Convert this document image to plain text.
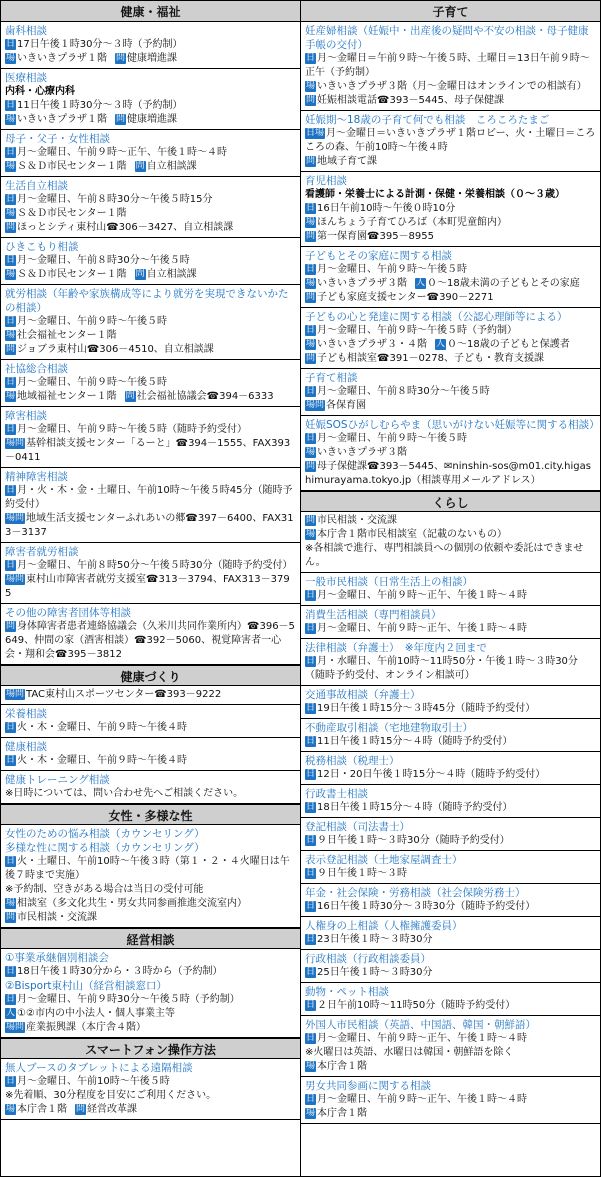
健康・福祉
歯科相談
日 17日午後１時30分～３時（予約制）
場 いきいきプラザ１階 問 健康増進課
医療相談
内科・心療内科
日 11日午後１時30分～３時（予約制）
場 いきいきプラザ１階 問 健康増進課
母子・父子・女性相談
日 月～金曜日、午前９時～正午、午後１時～４時
場 Ｓ＆Ｄ市民センター１階 問 自立相談課
生活自立相談
日 月～金曜日、午前８時30分～午後５時15分
場 Ｓ＆Ｄ市民センター１階
問 ほっとシティ東村山☎306－3427、自立相談課
ひきこもり相談
日 月～金曜日、午前８時30分～午後５時
場 Ｓ＆Ｄ市民センター１階 問 自立相談課
就労相談（年齢や家族構成等により就労を実現できないかたの相談）
日 月～金曜日、午前９時～午後５時
場 社会福祉センター１階
問 ジョブラ東村山☎306－4510、自立相談課
社協総合相談
日 月～金曜日、午前９時～午後５時
場 地域福祉センター１階 問 社会福祉協議会☎394－6333
障害相談
日 月～金曜日、午前９時～午後５時（随時予約受付）
場問 基幹相談支援センター「るーと」☎394－1555、FAX393－0411
精神障害相談
日 月・火・木・金・土曜日、午前10時～午後５時45分（随時予約受付）
場問 地域生活支援センターふれあいの郷☎397－6400、FAX313－3137
障害者就労相談
日 月～金曜日、午前８時50分～午後５時30分（随時予約受付）
場問 東村山市障害者就労支援室☎313－3794、FAX313－3795
その他の障害者団体等相談
問 身体障害者患者連絡協議会（久米川共同作業所内）☎396－5649、仲間の家（酒害相談）☎392－5060、視覚障害者一心会・翔和会☎395－3812
健康づくり
場問 TAC東村山スポーツセンター☎393－9222
栄養相談
日 火・木・金曜日、午前９時～午後４時
健康相談
日 火・木・金曜日、午前９時～午後４時
健康トレーニング相談
※日時については、問い合わせ先へご相談ください。
女性・多様な性
女性のための悩み相談（カウンセリング）
多様な性に関する相談（カウンセリング）
日 火・土曜日、午前10時～午後３時（第１・２・４火曜日は午後７時まで実施）
※予約制、空きがある場合は当日の受付可能
場 相談室（多文化共生・男女共同参画推進交流室内）
問 市民相談・交流課
経営相談
①事業承継個別相談会
日 18日午後１時30分から・３時から（予約制）
②Bisport東村山（経営相談窓口）
日 月～金曜日、午前９時30分～午後５時（予約制）
人 ①②市内の中小法人・個人事業主等
場問 産業振興課（本庁舎４階）
スマートフォン操作方法
無人ブースのタブレットによる遠隔相談
日 月～金曜日、午前10時～午後５時
※先着順、30分程度を目安にご利用ください。
場 本庁舎１階 問 経営改革課
子育て
妊産婦相談（妊娠中・出産後の疑問や不安の相談・母子健康手帳の交付）
日 月～金曜日＝午前９時～午後５時、土曜日＝13日午前９時～正午（予約制）
場 いきいきプラザ３階（月～金曜日はオンラインでの相談有）
問 妊娠相談電話☎393－5445、母子保健課
妊娠期～18歳の子育て何でも相談　ころころたまご
日場 月～金曜日＝いきいきプラザ１階ロビー、火・土曜日＝ころころの森、午前10時～午後４時
問 地域子育て課
育児相談
看護師・栄養士による計測・保健・栄養相談（０～３歳）
日 16日午前10時～午後０時10分
場 ほんちょう子育てひろば（本町児童館内）
問 第一保育園☎395－8955
子どもとその家庭に関する相談
日 月～金曜日、午前９時～午後５時
場 いきいきプラザ３階 人 ０～18歳未満の子どもとその家庭
問 子ども家庭支援センター☎390－2271
子どもの心と発達に関する相談（公認心理師等による）
日 月～金曜日、午前９時～午後５時（予約制）
場 いきいきプラザ３・４階 人 ０～18歳の子どもと保護者
問 子ども相談室☎391－0278、子ども・教育支援課
子育て相談
日 月～金曜日、午前８時30分～午後５時
場問 各保育園
妊娠SOSひがしむらやま（思いがけない妊娠等に関する相談）
日 月～金曜日、午前９時～午後５時
場 いきいきプラザ３階
問 母子保健課☎393－5445、✉ninshin-sos@m01.city.higashimurayama.tokyo.jp（相談専用メールアドレス）
くらし
問 市民相談・交流課
場 本庁舎１階市民相談室（記載のないもの）
※各相談で進行、専門相談員への個別の依頼や委託はできません。
一般市民相談（日常生活上の相談）
日 月～金曜日、午前９時～正午、午後１時～４時
消費生活相談（専門相談員）
日 月～金曜日、午前９時～正午、午後１時～４時
法律相談（弁護士）　※年度内２回まで
日 月・水曜日、午前10時～11時50分・午後１時～３時30分（随時予約受付、オンライン相談可）
交通事故相談（弁護士）
日 19日午後１時15分～３時45分（随時予約受付）
不動産取引相談（宅地建物取引士）
日 11日午後１時15分～４時（随時予約受付）
税務相談（税理士）
日 12日・20日午後１時15分～４時（随時予約受付）
行政書士相談
日 18日午後１時15分～４時（随時予約受付）
登記相談（司法書士）
日 ９日午後１時～３時30分（随時予約受付）
表示登記相談（土地家屋調査士）
日 ９日午後１時～３時
年金・社会保険・労務相談（社会保険労務士）
日 16日午後１時30分～３時30分（随時予約受付）
人権身の上相談（人権擁護委員）
日 23日午後１時～３時30分
行政相談（行政相談委員）
日 25日午後１時～３時30分
動物・ペット相談
日 ２日午前10時～11時50分（随時予約受付）
外国人市民相談（英語、中国語、韓国・朝鮮語）
日 月～金曜日、午前９時～正午、午後１時～４時
※火曜日は英語、水曜日は韓国・朝鮮語を除く
場 本庁舎１階
男女共同参画に関する相談
日 月～金曜日、午前９時～正午、午後１時～４時
場 本庁舎１階
